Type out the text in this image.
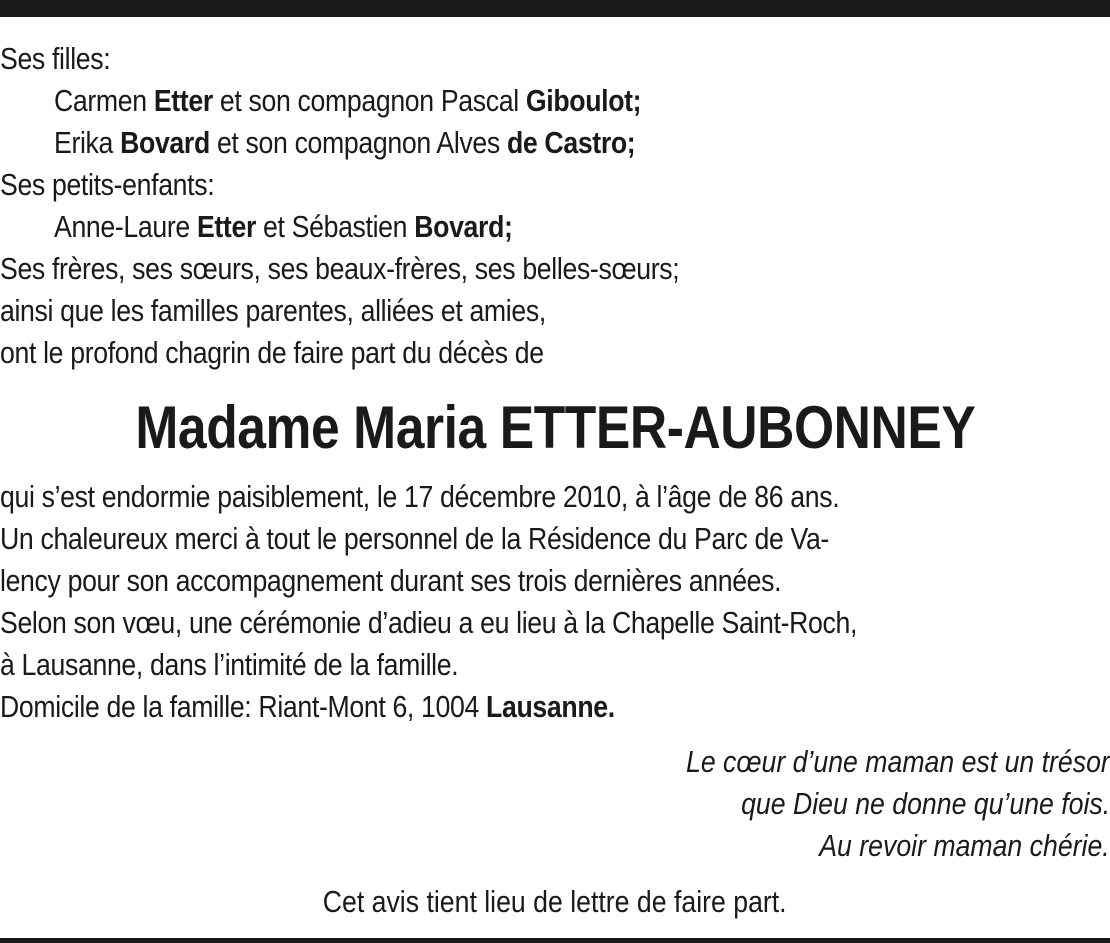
Ses filles:
Carmen Etter et son compagnon Pascal Giboulot;
Erika Bovard et son compagnon Alves de Castro;
Ses petits-enfants:
Anne-Laure Etter et Sébastien Bovard;
Ses frères, ses sœurs, ses beaux-frères, ses belles-sœurs;
ainsi que les familles parentes, alliées et amies,
ont le profond chagrin de faire part du décès de
Madame Maria ETTER-AUBONNEY
qui s’est endormie paisiblement, le 17 décembre 2010, à l’âge de 86 ans.
Un chaleureux merci à tout le personnel de la Résidence du Parc de Va-
lency pour son accompagnement durant ses trois dernières années.
Selon son vœu, une cérémonie d’adieu a eu lieu à la Chapelle Saint-Roch,
à Lausanne, dans l’intimité de la famille.
Domicile de la famille: Riant-Mont 6, 1004 Lausanne.
Le cœur d’une maman est un trésor
que Dieu ne donne qu’une fois.
Au revoir maman chérie.
Cet avis tient lieu de lettre de faire part.
